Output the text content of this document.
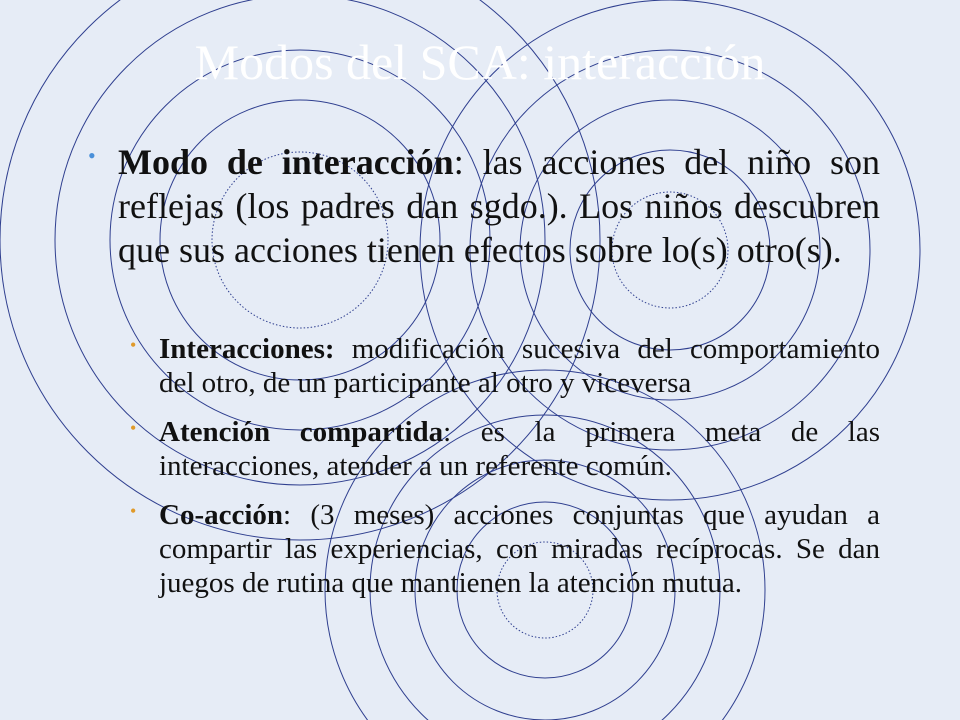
Modos del SCA: interacción
• Modo de interacción: las acciones del niño son reflejas (los padres dan sgdo.). Los niños descubren que sus acciones tienen efectos sobre lo(s) otro(s).
• Interacciones: modificación sucesiva del comportamiento del otro, de un participante al otro y viceversa
• Atención compartida: es la primera meta de las interacciones, atender a un referente común.
• Co-acción: (3 meses) acciones conjuntas que ayudan a compartir las experiencias, con miradas recíprocas. Se dan juegos de rutina que mantienen la atención mutua.
